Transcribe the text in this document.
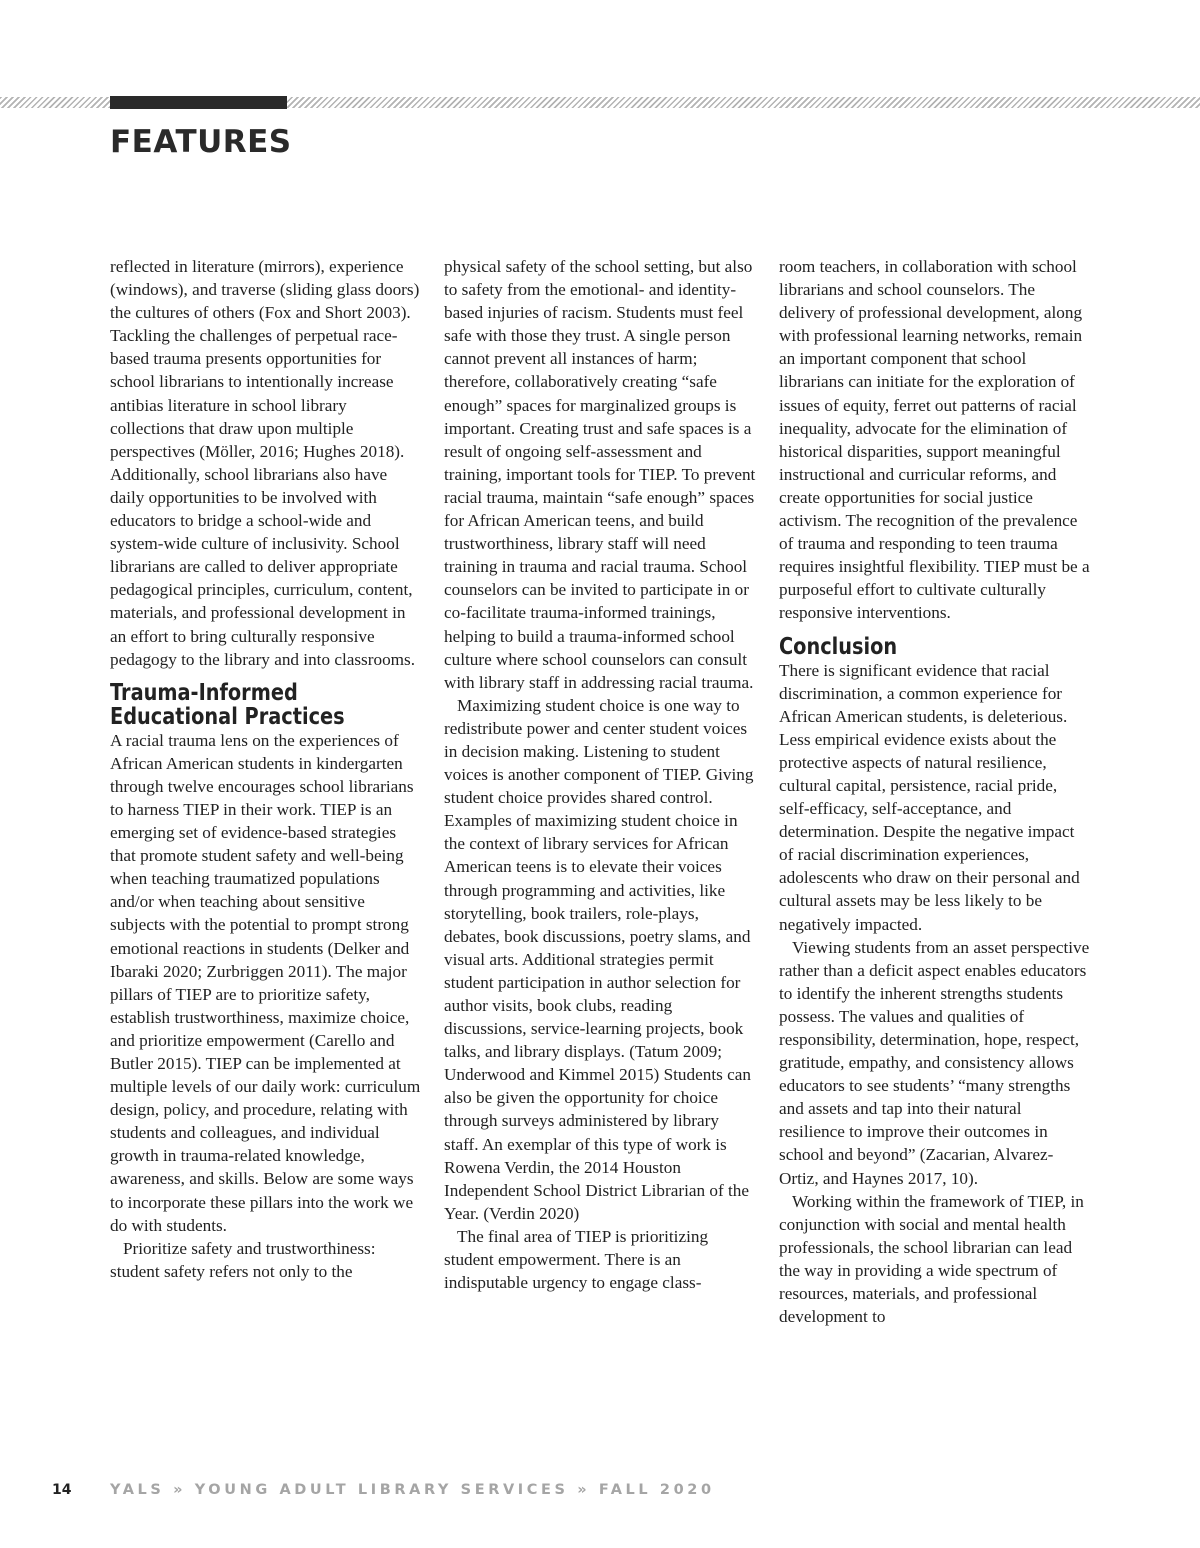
FEATURES

reflected in literature (mirrors), experience (windows), and traverse (sliding glass doors) the cultures of others (Fox and Short 2003). Tackling the challenges of perpetual race-based trauma presents opportunities for school librarians to intentionally increase antibias literature in school library collections that draw upon multiple perspectives (Möller, 2016; Hughes 2018). Additionally, school librarians also have daily opportunities to be involved with educators to bridge a school-wide and system-wide culture of inclusivity. School librarians are called to deliver appropriate pedagogical principles, curriculum, content, materials, and professional development in an effort to bring culturally responsive pedagogy to the library and into classrooms.

Trauma-Informed Educational Practices

A racial trauma lens on the experiences of African American students in kindergarten through twelve encourages school librarians to harness TIEP in their work. TIEP is an emerging set of evidence-based strategies that promote student safety and well-being when teaching traumatized populations and/or when teaching about sensitive subjects with the potential to prompt strong emotional reactions in students (Delker and Ibaraki 2020; Zurbriggen 2011). The major pillars of TIEP are to prioritize safety, establish trustworthiness, maximize choice, and prioritize empowerment (Carello and Butler 2015). TIEP can be implemented at multiple levels of our daily work: curriculum design, policy, and procedure, relating with students and colleagues, and individual growth in trauma-related knowledge, awareness, and skills. Below are some ways to incorporate these pillars into the work we do with students.

Prioritize safety and trustworthiness: student safety refers not only to the

physical safety of the school setting, but also to safety from the emotional- and identity-based injuries of racism. Students must feel safe with those they trust. A single person cannot prevent all instances of harm; therefore, collaboratively creating “safe enough” spaces for marginalized groups is important. Creating trust and safe spaces is a result of ongoing self-assessment and training, important tools for TIEP. To prevent racial trauma, maintain “safe enough” spaces for African American teens, and build trustworthiness, library staff will need training in trauma and racial trauma. School counselors can be invited to participate in or co-facilitate trauma-informed trainings, helping to build a trauma-informed school culture where school counselors can consult with library staff in addressing racial trauma.

Maximizing student choice is one way to redistribute power and center student voices in decision making. Listening to student voices is another component of TIEP. Giving student choice provides shared control. Examples of maximizing student choice in the context of library services for African American teens is to elevate their voices through programming and activities, like storytelling, book trailers, role-plays, debates, book discussions, poetry slams, and visual arts. Additional strategies permit student participation in author selection for author visits, book clubs, reading discussions, service-learning projects, book talks, and library displays. (Tatum 2009; Underwood and Kimmel 2015) Students can also be given the opportunity for choice through surveys administered by library staff. An exemplar of this type of work is Rowena Verdin, the 2014 Houston Independent School District Librarian of the Year. (Verdin 2020)

The final area of TIEP is prioritizing student empowerment. There is an indisputable urgency to engage class-

room teachers, in collaboration with school librarians and school counselors. The delivery of professional development, along with professional learning networks, remain an important component that school librarians can initiate for the exploration of issues of equity, ferret out patterns of racial inequality, advocate for the elimination of historical disparities, support meaningful instructional and curricular reforms, and create opportunities for social justice activism. The recognition of the prevalence of trauma and responding to teen trauma requires insightful flexibility. TIEP must be a purposeful effort to cultivate culturally responsive interventions.

Conclusion

There is significant evidence that racial discrimination, a common experience for African American students, is deleterious. Less empirical evidence exists about the protective aspects of natural resilience, cultural capital, persistence, racial pride, self-efficacy, self-acceptance, and determination. Despite the negative impact of racial discrimination experiences, adolescents who draw on their personal and cultural assets may be less likely to be negatively impacted.

Viewing students from an asset perspective rather than a deficit aspect enables educators to identify the inherent strengths students possess. The values and qualities of responsibility, determination, hope, respect, gratitude, empathy, and consistency allows educators to see students’ “many strengths and assets and tap into their natural resilience to improve their outcomes in school and beyond” (Zacarian, Alvarez-Ortiz, and Haynes 2017, 10).

Working within the framework of TIEP, in conjunction with social and mental health professionals, the school librarian can lead the way in providing a wide spectrum of resources, materials, and professional development to

14	YALS » YOUNG ADULT LIBRARY SERVICES » FALL 2020
